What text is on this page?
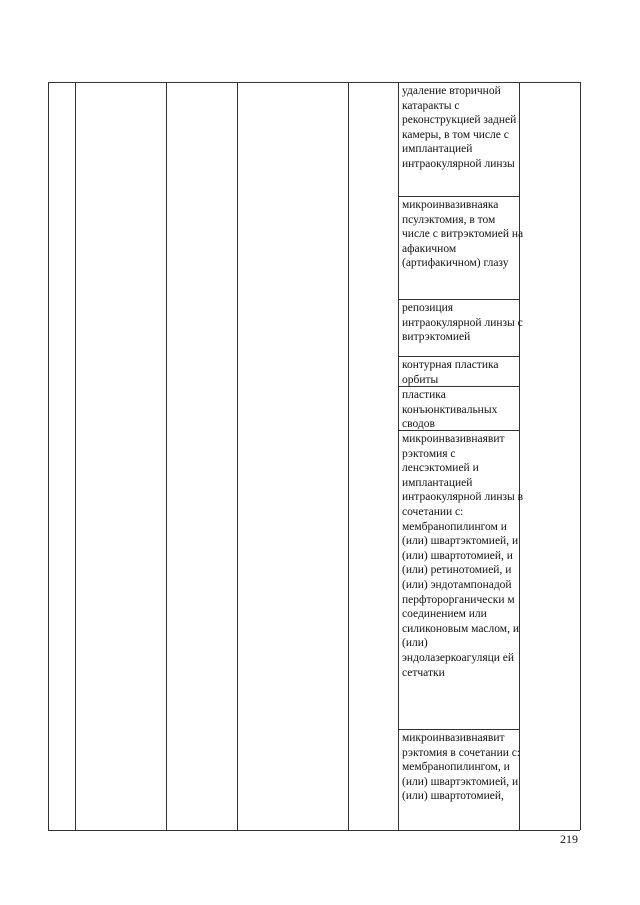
удаление вторичной катаракты с реконструкцией задней камеры, в том числе с имплантацией интраокулярной линзы
микроинвазивнаяка псулэктомия, в том числе с витрэктомией на афакичном (артифакичном) глазу
репозиция интраокулярной линзы с витрэктомией
контурная пластика орбиты
пластика конъюнктивальных сводов
микроинвазивнаявит рэктомия с ленсэктомией и имплантацией интраокулярной линзы в сочетании с: мембранопилингом и (или) швартэктомией, и (или) швартотомией, и (или) ретинотомией, и (или) эндотампонадой перфторорганически м соединением или силиконовым маслом, и (или) эндолазеркоагуляци ей сетчатки
микроинвазивнаявит рэктомия в сочетании с: мембранопилингом, и (или) швартэктомией, и (или) швартотомией,
219
